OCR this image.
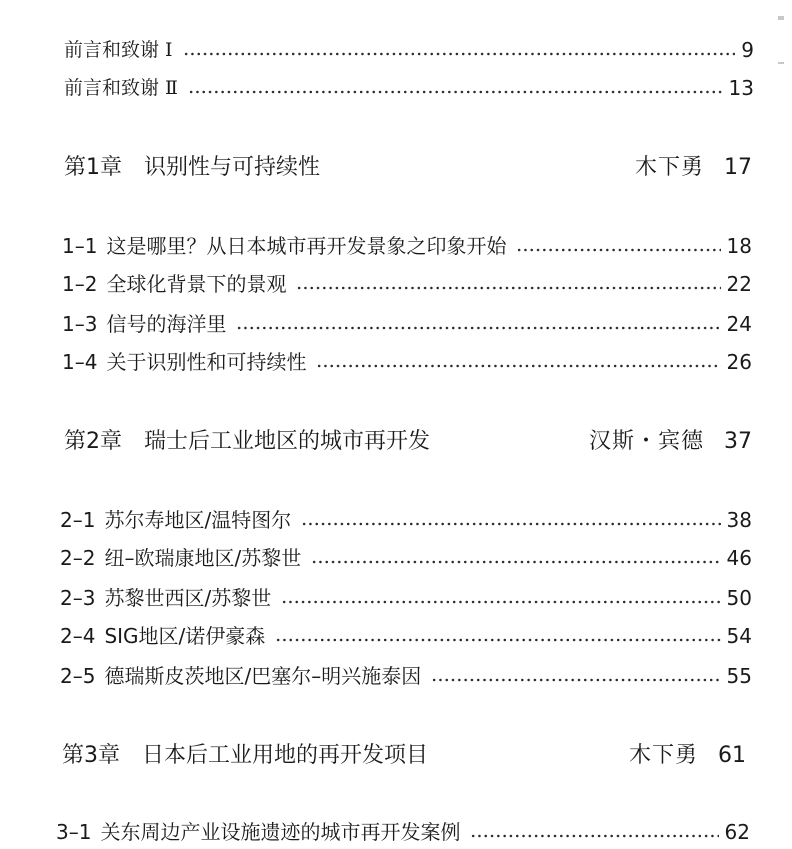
前言和致谢 Ⅰ	9
前言和致谢 Ⅱ	13
第1章 识别性与可持续性	木下勇 17
1–1 这是哪里？从日本城市再开发景象之印象开始	18
1–2 全球化背景下的景观	22
1–3 信号的海洋里	24
1–4 关于识别性和可持续性	26
第2章 瑞士后工业地区的城市再开发	汉斯・宾德 37
2–1 苏尔寿地区/温特图尔	38
2–2 纽–欧瑞康地区/苏黎世	46
2–3 苏黎世西区/苏黎世	50
2–4 SIG地区/诺伊豪森	54
2–5 德瑞斯皮茨地区/巴塞尔–明兴施泰因	55
第3章 日本后工业用地的再开发项目	木下勇 61
3–1 关东周边产业设施遗迹的城市再开发案例	62
